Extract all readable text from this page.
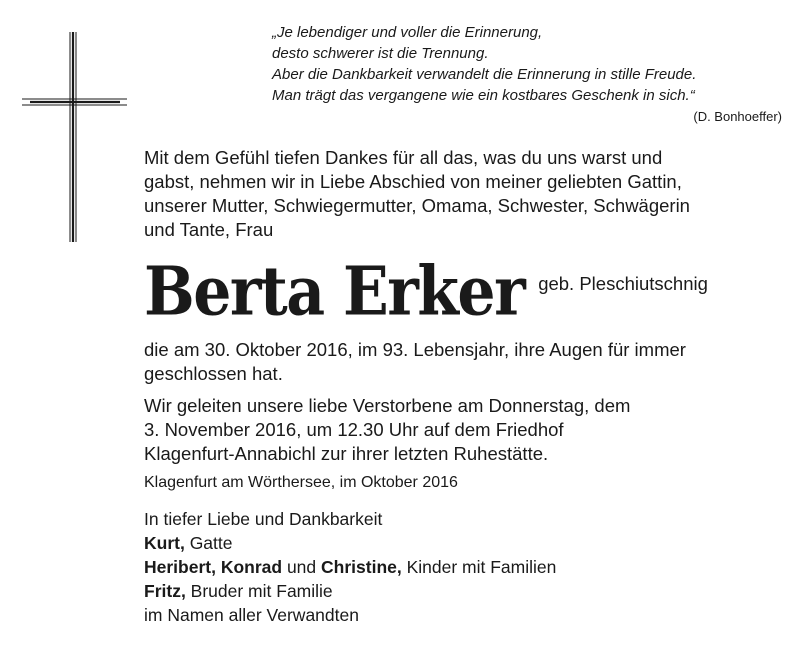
„Je lebendiger und voller die Erinnerung,
desto schwerer ist die Trennung.
Aber die Dankbarkeit verwandelt die Erinnerung in stille Freude.
Man trägt das vergangene wie ein kostbares Geschenk in sich.“
(D. Bonhoeffer)
Mit dem Gefühl tiefen Dankes für all das, was du uns warst und
gabst, nehmen wir in Liebe Abschied von meiner geliebten Gattin,
unserer Mutter, Schwiegermutter, Omama, Schwester, Schwägerin
und Tante, Frau
Berta Erker geb. Pleschiutschnig
die am 30. Oktober 2016, im 93. Lebensjahr, ihre Augen für immer
geschlossen hat.
Wir geleiten unsere liebe Verstorbene am Donnerstag, dem
3. November 2016, um 12.30 Uhr auf dem Friedhof
Klagenfurt-Annabichl zur ihrer letzten Ruhestätte.
Klagenfurt am Wörthersee, im Oktober 2016
In tiefer Liebe und Dankbarkeit
Kurt, Gatte
Heribert, Konrad und Christine, Kinder mit Familien
Fritz, Bruder mit Familie
im Namen aller Verwandten
